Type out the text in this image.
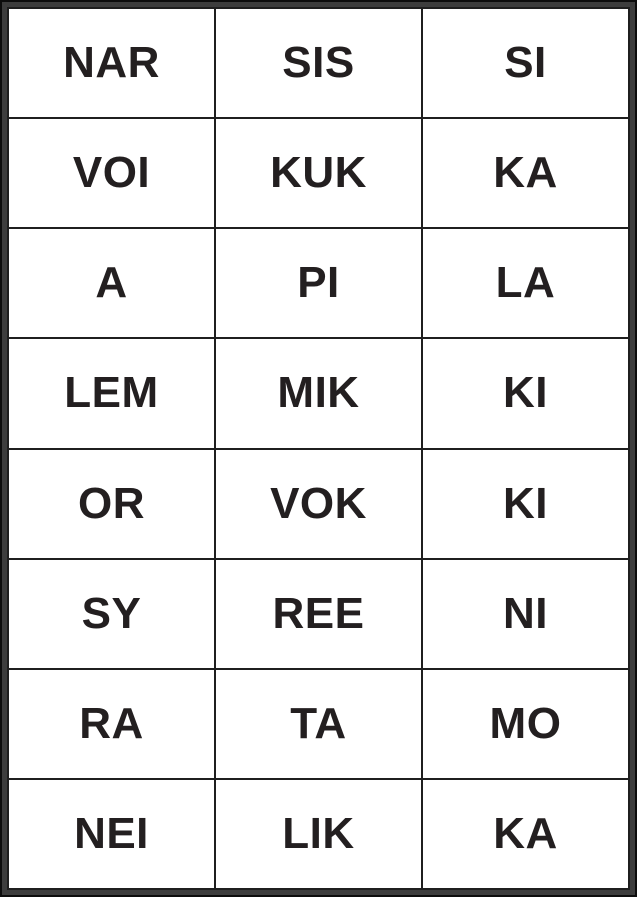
NAR	SIS	SI
VOI	KUK	KA
A	PI	LA
LEM	MIK	KI
OR	VOK	KI
SY	REE	NI
RA	TA	MO
NEI	LIK	KA
